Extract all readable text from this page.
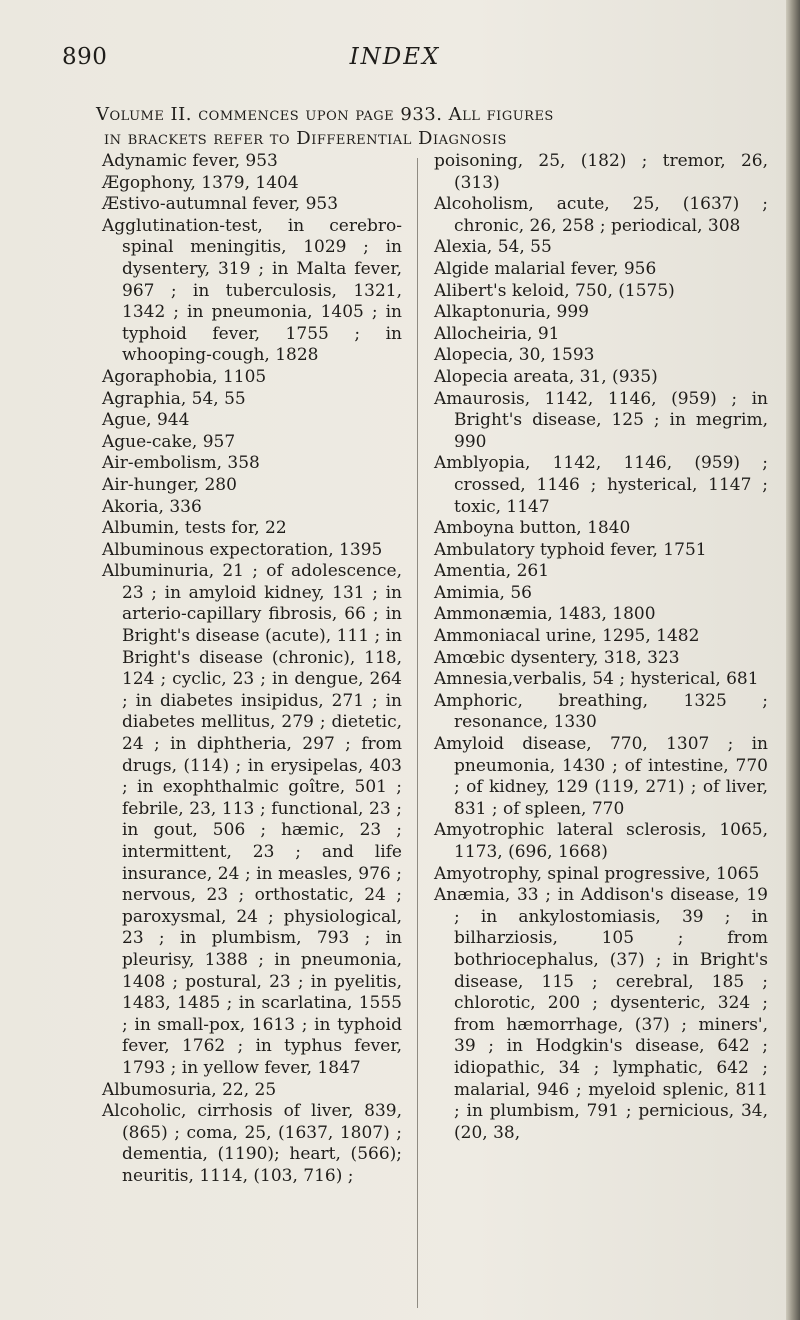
890	INDEX
Volume II. commences upon page 933. All figures
in brackets refer to Differential Diagnosis

Adynamic fever, 953

Ægophony, 1379, 1404

Æstivo-autumnal fever, 953

Agglutination-test, in cerebro-spinal meningitis, 1029 ; in dysentery, 319 ; in Malta fever, 967 ; in tuberculosis, 1321, 1342 ; in pneumonia, 1405 ; in typhoid fever, 1755 ; in whooping-cough, 1828

Agoraphobia, 1105

Agraphia, 54, 55

Ague, 944

Ague-cake, 957

Air-embolism, 358

Air-hunger, 280

Akoria, 336

Albumin, tests for, 22

Albuminous expectoration, 1395

Albuminuria, 21 ; of adolescence, 23 ; in amyloid kidney, 131 ; in arterio-capillary fibrosis, 66 ; in Bright's disease (acute), 111 ; in Bright's disease (chronic), 118, 124 ; cyclic, 23 ; in dengue, 264 ; in diabetes insipidus, 271 ; in diabetes mellitus, 279 ; dietetic, 24 ; in diphtheria, 297 ; from drugs, (114) ; in erysipelas, 403 ; in exophthalmic goître, 501 ; febrile, 23, 113 ; functional, 23 ; in gout, 506 ; hæmic, 23 ; intermittent, 23 ; and life insurance, 24 ; in measles, 976 ; nervous, 23 ; orthostatic, 24 ; paroxysmal, 24 ; physiological, 23 ; in plumbism, 793 ; in pleurisy, 1388 ; in pneumonia, 1408 ; postural, 23 ; in pyelitis, 1483, 1485 ; in scarlatina, 1555 ; in small-pox, 1613 ; in typhoid fever, 1762 ; in typhus fever, 1793 ; in yellow fever, 1847

Albumosuria, 22, 25

Alcoholic, cirrhosis of liver, 839, (865) ; coma, 25, (1637, 1807) ; dementia, (1190); heart, (566); neuritis, 1114, (103, 716) ;

poisoning, 25, (182) ; tremor, 26, (313)

Alcoholism, acute, 25, (1637) ; chronic, 26, 258 ; periodical, 308

Alexia, 54, 55

Algide malarial fever, 956

Alibert's keloid, 750, (1575)

Alkaptonuria, 999

Allocheiria, 91

Alopecia, 30, 1593

Alopecia areata, 31, (935)

Amaurosis, 1142, 1146, (959) ; in Bright's disease, 125 ; in megrim, 990

Amblyopia, 1142, 1146, (959) ; crossed, 1146 ; hysterical, 1147 ; toxic, 1147

Amboyna button, 1840

Ambulatory typhoid fever, 1751

Amentia, 261

Amimia, 56

Ammonæmia, 1483, 1800

Ammoniacal urine, 1295, 1482

Amœbic dysentery, 318, 323

Amnesia,verbalis, 54 ; hysterical, 681

Amphoric, breathing, 1325 ; resonance, 1330

Amyloid disease, 770, 1307 ; in pneumonia, 1430 ; of intestine, 770 ; of kidney, 129 (119, 271) ; of liver, 831 ; of spleen, 770

Amyotrophic lateral sclerosis, 1065, 1173, (696, 1668)

Amyotrophy, spinal progressive, 1065

Anæmia, 33 ; in Addison's disease, 19 ; in ankylostomiasis, 39 ; in bilharziosis, 105 ; from bothriocephalus, (37) ; in Bright's disease, 115 ; cerebral, 185 ; chlorotic, 200 ; dysenteric, 324 ; from hæmorrhage, (37) ; miners', 39 ; in Hodgkin's disease, 642 ; idiopathic, 34 ; lymphatic, 642 ; malarial, 946 ; myeloid splenic, 811 ; in plumbism, 791 ; pernicious, 34, (20, 38,
